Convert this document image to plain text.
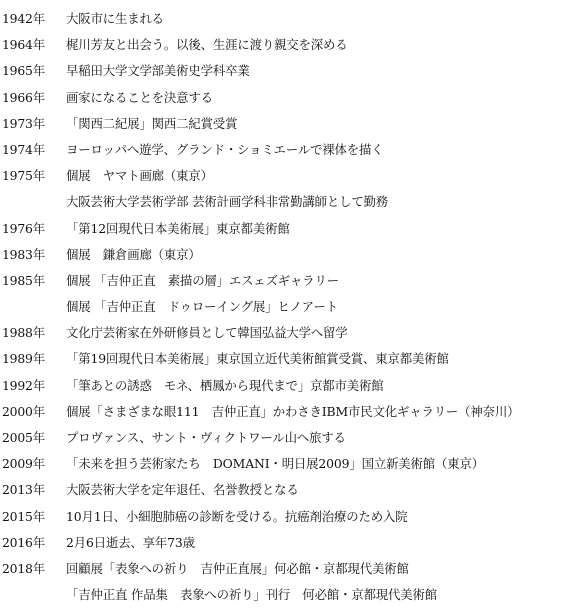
1942年	大阪市に生まれる
1964年	梶川芳友と出会う。以後、生涯に渡り親交を深める
1965年	早稲田大学文学部美術史学科卒業
1966年	画家になることを決意する
1973年	「関西二紀展」関西二紀賞受賞
1974年	ヨーロッパへ遊学、グランド・ショミエールで裸体を描く
1975年	個展　ヤマト画廊（東京）
大阪芸術大学芸術学部 芸術計画学科非常勤講師として勤務
1976年	「第12回現代日本美術展」東京都美術館
1983年	個展　鎌倉画廊（東京）
1985年	個展 「吉仲正直　素描の層」エスェズギャラリー
個展 「吉仲正直　ドゥローイング展」ヒノアート
1988年	文化庁芸術家在外研修員として韓国弘益大学へ留学
1989年	「第19回現代日本美術展」東京国立近代美術館賞受賞、東京都美術館
1992年	「筆あとの誘惑　モネ、栖鳳から現代まで」京都市美術館
2000年	個展「さまざまな眼111　吉仲正直」かわさきIBM市民文化ギャラリー（神奈川）
2005年	プロヴァンス、サント・ヴィクトワール山へ旅する
2009年	「未来を担う芸術家たち　DOMANI・明日展2009」国立新美術館（東京）
2013年	大阪芸術大学を定年退任、名誉教授となる
2015年	10月1日、小細胞肺癌の診断を受ける。抗癌剤治療のため入院
2016年	2月6日逝去、享年73歳
2018年	回顧展「表象への祈り　吉仲正直展」何必館・京都現代美術館
「吉仲正直 作品集　表象への祈り」刊行　何必館・京都現代美術館
